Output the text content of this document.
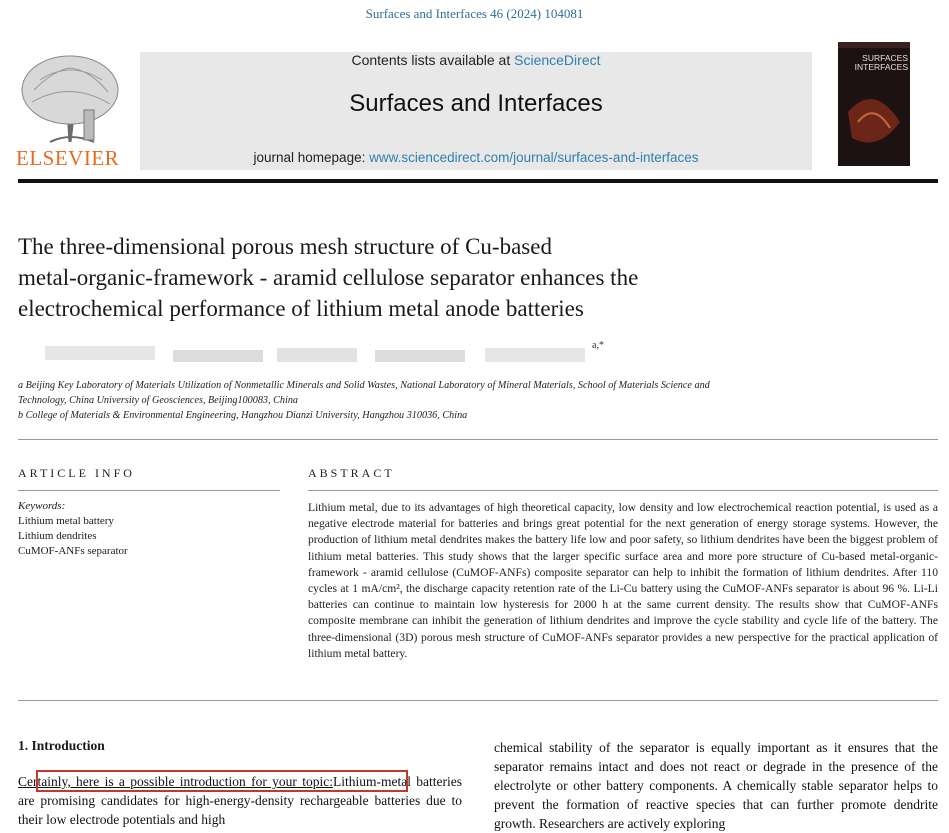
Surfaces and Interfaces 46 (2024) 104081
ELSEVIER
Contents lists available at ScienceDirect
Surfaces and Interfaces
journal homepage: www.sciencedirect.com/journal/surfaces-and-interfaces
SURFACES INTERFACES
The three-dimensional porous mesh structure of Cu-based
metal-organic-framework - aramid cellulose separator enhances the
electrochemical performance of lithium metal anode batteries
a,*
a Beijing Key Laboratory of Materials Utilization of Nonmetallic Minerals and Solid Wastes, National Laboratory of Mineral Materials, School of Materials Science and
Technology, China University of Geosciences, Beijing100083, China
b College of Materials & Environmental Engineering, Hangzhou Dianzi University, Hangzhou 310036, China
ARTICLE INFO	ABSTRACT
Keywords:
Lithium metal battery
Lithium dendrites
CuMOF-ANFs separator
Lithium metal, due to its advantages of high theoretical capacity, low density and low electrochemical reaction potential, is used as a negative electrode material for batteries and brings great potential for the next generation of energy storage systems. However, the production of lithium metal dendrites makes the battery life low and poor safety, so lithium dendrites have been the biggest problem of lithium metal batteries. This study shows that the larger specific surface area and more pore structure of Cu-based metal-organic-framework - aramid cellulose (CuMOF-ANFs) composite separator can help to inhibit the formation of lithium dendrites. After 110 cycles at 1 mA/cm², the discharge capacity retention rate of the Li-Cu battery using the CuMOF-ANFs separator is about 96 %. Li-Li batteries can continue to maintain low hysteresis for 2000 h at the same current density. The results show that CuMOF-ANFs composite membrane can inhibit the generation of lithium dendrites and improve the cycle stability and cycle life of the battery. The three-dimensional (3D) porous mesh structure of CuMOF-ANFs separator provides a new perspective for the practical application of lithium metal battery.
1. Introduction
Certainly, here is a possible introduction for your topic:Lithium-metal batteries are promising candidates for high-energy-density rechargeable batteries due to their low electrode potentials and high
chemical stability of the separator is equally important as it ensures that the separator remains intact and does not react or degrade in the presence of the electrolyte or other battery components. A chemically stable separator helps to prevent the formation of reactive species that can further promote dendrite growth. Researchers are actively exploring
